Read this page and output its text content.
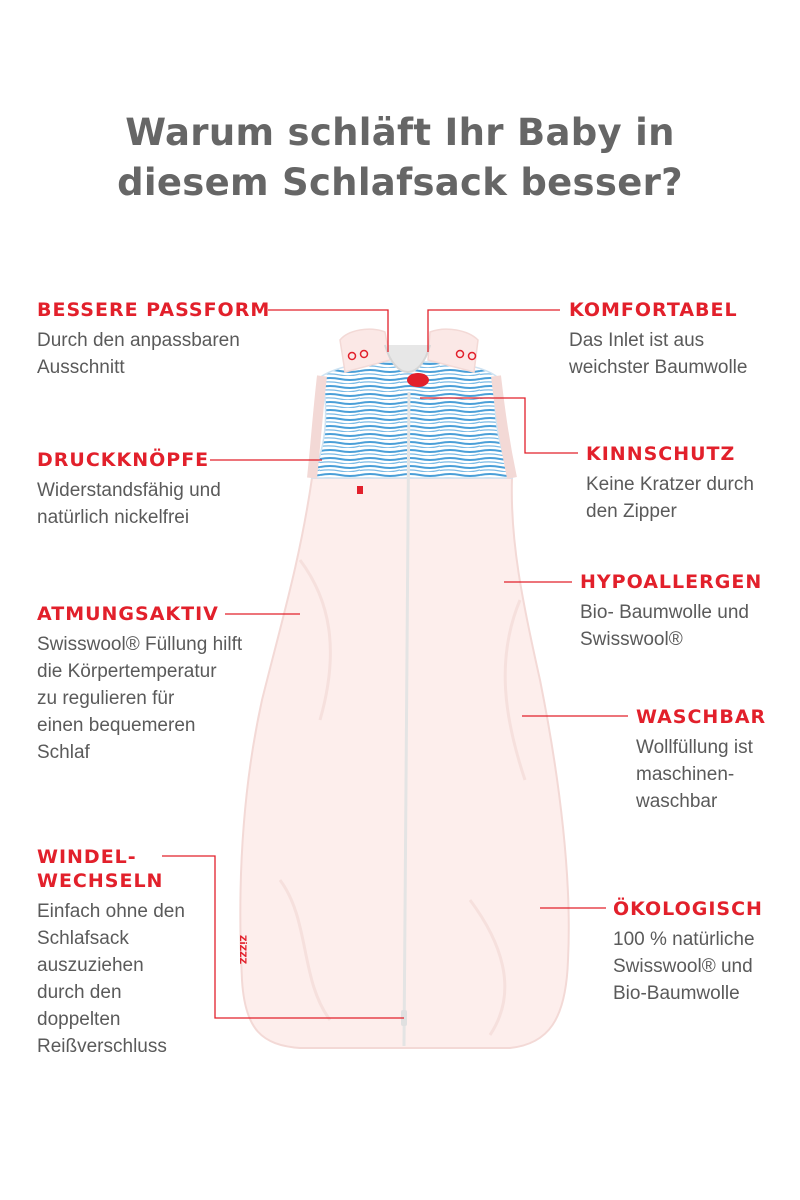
Warum schläft Ihr Baby in
diesem Schlafsack besser?
ZiZZZ
BESSERE PASSFORM
Durch den anpassbaren
Ausschnitt
KOMFORTABEL
Das Inlet ist aus
weichster Baumwolle
DRUCKKNÖPFE
Widerstandsfähig und
natürlich nickelfrei
KINNSCHUTZ
Keine Kratzer durch
den Zipper
HYPOALLERGEN
Bio- Baumwolle und
Swisswool®
ATMUNGSAKTIV
Swisswool® Füllung hilft
die Körpertemperatur
zu regulieren für
einen bequemeren
Schlaf
WASCHBAR
Wollfüllung ist
maschinen-
waschbar
WINDEL-
WECHSELN
Einfach ohne den
Schlafsack
auszuziehen
durch den
doppelten
Reißverschluss
ÖKOLOGISCH
100 % natürliche
Swisswool® und
Bio-Baumwolle
